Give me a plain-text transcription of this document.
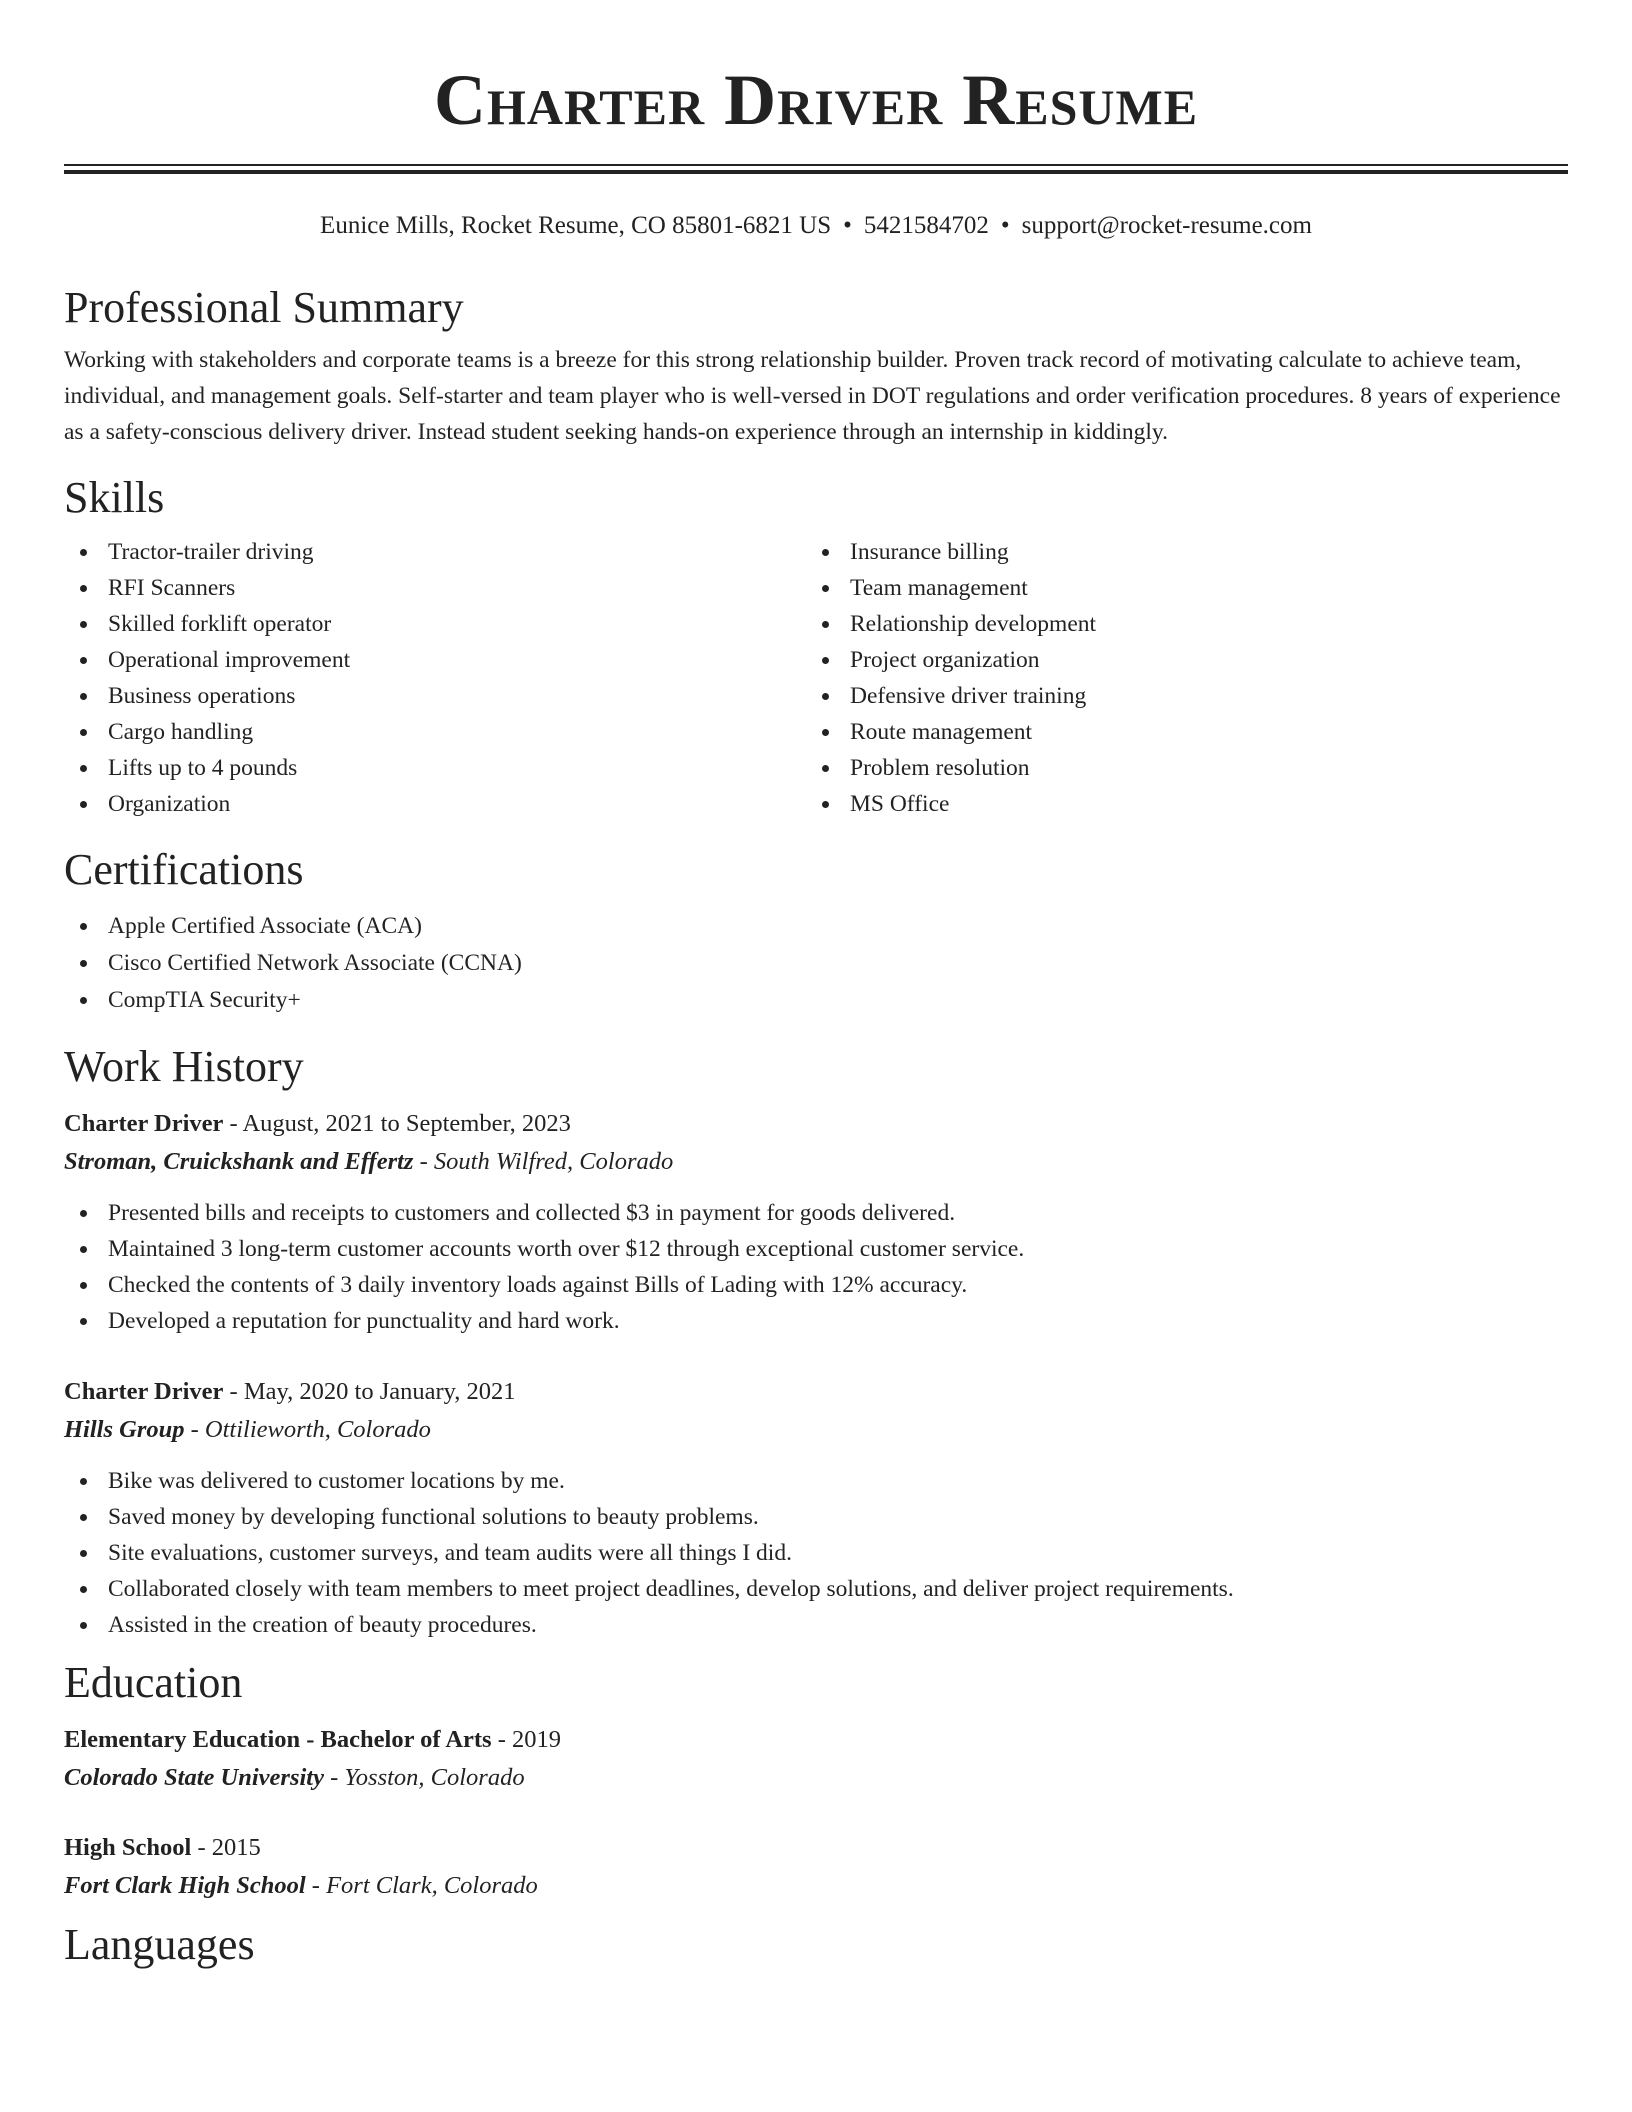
Charter Driver Resume
Eunice Mills, Rocket Resume, CO 85801-6821 US • 5421584702 • support@rocket-resume.com
Professional Summary

Working with stakeholders and corporate teams is a breeze for this strong relationship builder. Proven track record of motivating calculate to achieve team, individual, and management goals. Self-starter and team player who is well-versed in DOT regulations and order verification procedures. 8 years of experience as a safety-conscious delivery driver. Instead student seeking hands-on experience through an internship in kiddingly.

Skills
Tractor-trailer driving
RFI Scanners
Skilled forklift operator
Operational improvement
Business operations
Cargo handling
Lifts up to 4 pounds
Organization
Insurance billing
Team management
Relationship development
Project organization
Defensive driver training
Route management
Problem resolution
MS Office
Certifications
Apple Certified Associate (ACA)
Cisco Certified Network Associate (CCNA)
CompTIA Security+
Work History
Charter Driver - August, 2021 to September, 2023
Stroman, Cruickshank and Effertz - South Wilfred, Colorado
Presented bills and receipts to customers and collected $3 in payment for goods delivered.
Maintained 3 long-term customer accounts worth over $12 through exceptional customer service.
Checked the contents of 3 daily inventory loads against Bills of Lading with 12% accuracy.
Developed a reputation for punctuality and hard work.
Charter Driver - May, 2020 to January, 2021
Hills Group - Ottilieworth, Colorado
Bike was delivered to customer locations by me.
Saved money by developing functional solutions to beauty problems.
Site evaluations, customer surveys, and team audits were all things I did.
Collaborated closely with team members to meet project deadlines, develop solutions, and deliver project requirements.
Assisted in the creation of beauty procedures.
Education
Elementary Education - Bachelor of Arts - 2019
Colorado State University - Yosston, Colorado
High School - 2015
Fort Clark High School - Fort Clark, Colorado
Languages
